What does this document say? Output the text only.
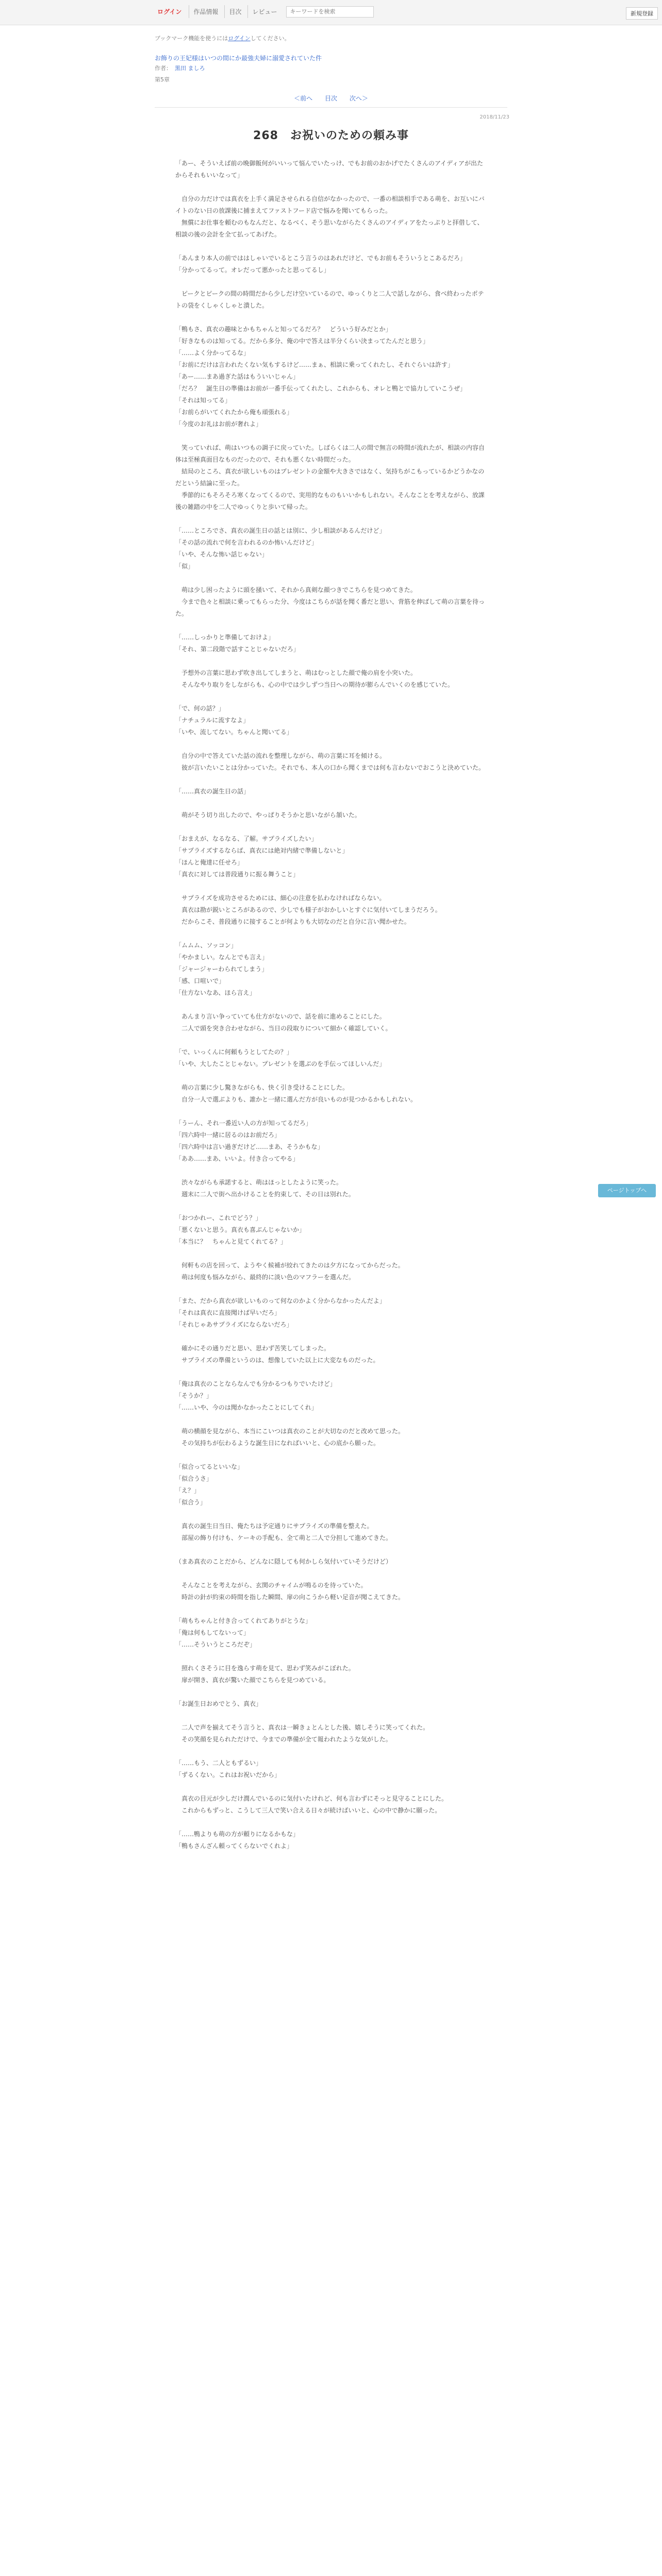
ログイン	作品情報	目次	レビュー
キーワードを検索	新規登録
ブックマーク機能を使うにはログインしてください。
お飾りの王妃様はいつの間にか最強夫婦に溺愛されていた件
作者： 黒田 ましろ
第5章
＜前へ 目次 次へ＞
2018/11/23
268　お祝いのための頼み事

「あー、そういえば前の晩御飯何がいいって悩んでいたっけ、でもお前のおかげでたくさんのアイディアが出たからそれもいいなって」

　自分の力だけでは真衣を上手く満足させられる自信がなかったので、一番の相談相手である萌を、お互いにバイトのない日の放課後に捕まえてファストフード店で悩みを聞いてもらった。

　無償にお仕事を頼むのもなんだと、なるべく、そう思いながらたくさんのアイディアをたっぷりと拝借して、相談の後の会計を全て払ってあげた。

「あんまり本人の前でははしゃいでいるとこう言うのはあれだけど、でもお前もそういうとこあるだろ」

「分かってるって。オレだって悪かったと思ってるし」

　ピークとピークの間の時間だから少しだけ空いているので、ゆっくりと二人で話しながら、食べ終わったポテトの袋をくしゃくしゃと潰した。

「鴨もさ、真衣の趣味とかもちゃんと知ってるだろ？　どういう好みだとか」

「好きなものは知ってる。だから多分、俺の中で答えは半分くらい決まってたんだと思う」

「……よく分かってるな」

「お前にだけは言われたくない気もするけど……まぁ、相談に乗ってくれたし、それぐらいは許す」

「あー……まあ過ぎた話はもういいじゃん」

「だろ？　誕生日の準備はお前が一番手伝ってくれたし、これからも、オレと鴨とで協力していこうぜ」

「それは知ってる」

「お前らがいてくれたから俺も頑張れる」

「今度のお礼はお前が奢れよ」

　笑っていれば、萌はいつもの調子に戻っていた。しばらくは二人の間で無言の時間が流れたが、相談の内容自体は至極真面目なものだったので、それも悪くない時間だった。

　結局のところ、真衣が欲しいものはプレゼントの金額や大きさではなく、気持ちがこもっているかどうかなのだという結論に至った。

　季節的にもそろそろ寒くなってくるので、実用的なものもいいかもしれない。そんなことを考えながら、放課後の雑踏の中を二人でゆっくりと歩いて帰った。

「……ところでさ、真衣の誕生日の話とは別に、少し相談があるんだけど」

「その話の流れで何を言われるのか怖いんだけど」

「いや、そんな怖い話じゃない」

「似」

　萌は少し困ったように頭を掻いて、それから真剣な顔つきでこちらを見つめてきた。

　今まで色々と相談に乗ってもらった分、今度はこちらが話を聞く番だと思い、背筋を伸ばして萌の言葉を待った。

「……しっかりと準備しておけよ」

「それ、第二段階で話すことじゃないだろ」

　予想外の言葉に思わず吹き出してしまうと、萌はむっとした顔で俺の肩を小突いた。

　そんなやり取りをしながらも、心の中では少しずつ当日への期待が膨らんでいくのを感じていた。

「で、何の話？」

「ナチュラルに流すなよ」

「いや、流してない。ちゃんと聞いてる」

　自分の中で答えていた話の流れを整理しながら、萌の言葉に耳を傾ける。

　彼が言いたいことは分かっていた。それでも、本人の口から聞くまでは何も言わないでおこうと決めていた。

「……真衣の誕生日の話」

　萌がそう切り出したので、やっぱりそうかと思いながら頷いた。

「おまえが、なるなる、了解。サプライズしたい」

「サプライズするならば、真衣には絶対内緒で準備しないと」

「ほんと俺達に任せろ」

「真衣に対しては普段通りに振る舞うこと」

　サプライズを成功させるためには、細心の注意を払わなければならない。

　真衣は勘が鋭いところがあるので、少しでも様子がおかしいとすぐに気付いてしまうだろう。

　だからこそ、普段通りに接することが何よりも大切なのだと自分に言い聞かせた。

「ムムム、ソッコン」

「やかましい。なんとでも言え」

「ジャージャーわられてしまう」

「感、口喧いで」

「仕方ないなあ、ほら言え」

　あんまり言い争っていても仕方がないので、話を前に進めることにした。

　二人で頭を突き合わせながら、当日の段取りについて細かく確認していく。

「で、いっくんに何頼もうとしてたの？」

「いや、大したことじゃない。プレゼントを選ぶのを手伝ってほしいんだ」

　萌の言葉に少し驚きながらも、快く引き受けることにした。

　自分一人で選ぶよりも、誰かと一緒に選んだ方が良いものが見つかるかもしれない。

「うーん、それ一番近い人の方が知ってるだろ」

「四六時中一緒に居るのはお前だろ」

「四六時中は言い過ぎだけど……まあ、そうかもな」

「ああ……まあ、いいよ。付き合ってやる」

　渋々ながらも承諾すると、萌はほっとしたように笑った。

　週末に二人で街へ出かけることを約束して、その日は別れた。

「おつかれー、これでどう？」

「悪くないと思う。真衣も喜ぶんじゃないか」

「本当に？　ちゃんと見てくれてる？」

　何軒もの店を回って、ようやく候補が絞れてきたのは夕方になってからだった。

　萌は何度も悩みながら、最終的に淡い色のマフラーを選んだ。

「また、だから真衣が欲しいものって何なのかよく分からなかったんだよ」

「それは真衣に直接聞けば早いだろ」

「それじゃあサプライズにならないだろ」

　確かにその通りだと思い、思わず苦笑してしまった。

　サプライズの準備というのは、想像していた以上に大変なものだった。

「俺は真衣のことならなんでも分かるつもりでいたけど」

「そうか？」

「……いや、今のは聞かなかったことにしてくれ」

　萌の横顔を見ながら、本当にこいつは真衣のことが大切なのだと改めて思った。

　その気持ちが伝わるような誕生日になればいいと、心の底から願った。

「似合ってるといいな」

「似合うさ」

「え？」

「似合う」

　真衣の誕生日当日、俺たちは予定通りにサプライズの準備を整えた。

　部屋の飾り付けも、ケーキの手配も、全て萌と二人で分担して進めてきた。

（まあ真衣のことだから、どんなに隠しても何かしら気付いていそうだけど）

　そんなことを考えながら、玄関のチャイムが鳴るのを待っていた。

　時計の針が約束の時間を指した瞬間、扉の向こうから軽い足音が聞こえてきた。

「萌もちゃんと付き合ってくれてありがとうな」

「俺は何もしてないって」

「……そういうところだぞ」

　照れくさそうに目を逸らす萌を見て、思わず笑みがこぼれた。

　扉が開き、真衣が驚いた顔でこちらを見つめている。

「お誕生日おめでとう、真衣」

　二人で声を揃えてそう言うと、真衣は一瞬きょとんとした後、嬉しそうに笑ってくれた。

　その笑顔を見られただけで、今までの準備が全て報われたような気がした。

「……もう、二人ともずるい」

「ずるくない。これはお祝いだから」

　真衣の目元が少しだけ潤んでいるのに気付いたけれど、何も言わずにそっと見守ることにした。

　これからもずっと、こうして三人で笑い合える日々が続けばいいと、心の中で静かに願った。

「……鴨よりも萌の方が頼りになるかもな」

「鴨もさんざん頼ってくらないでくれよ」

ページトップへ
